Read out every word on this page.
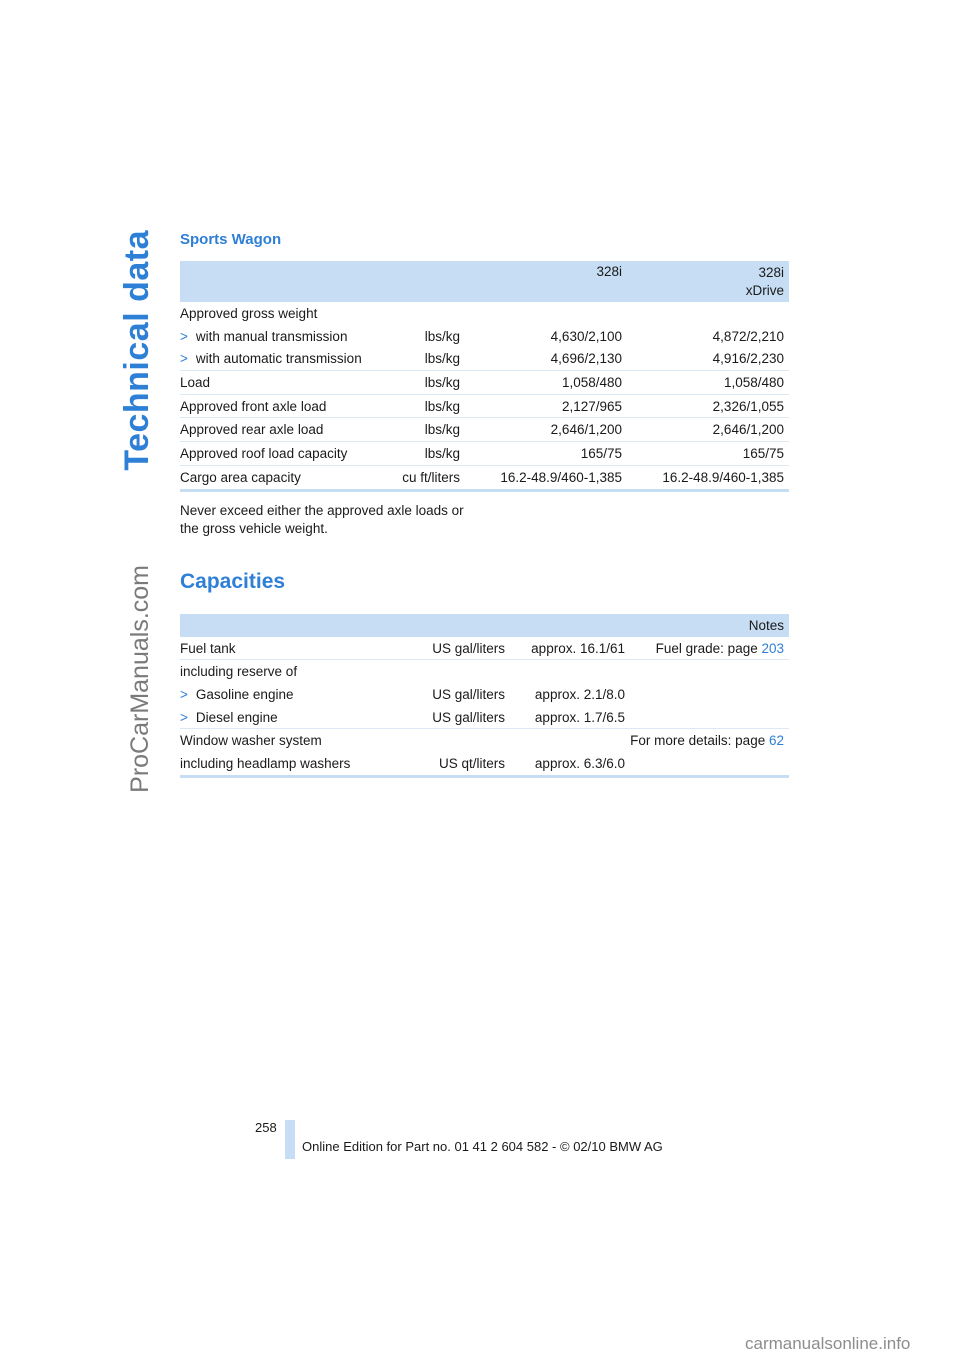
Technical data
ProCarManuals.com
Sports Wagon
		328i	328i
xDrive

Approved gross weight			
> with manual transmission	lbs/kg	4,630/2,100	4,872/2,210
> with automatic transmission	lbs/kg	4,696/2,130	4,916/2,230
Load	lbs/kg	1,058/480	1,058/480
Approved front axle load	lbs/kg	2,127/965	2,326/1,055
Approved rear axle load	lbs/kg	2,646/1,200	2,646/1,200
Approved roof load capacity	lbs/kg	165/75	165/75
Cargo area capacity	cu ft/liters	16.2-48.9/460-1,385	16.2-48.9/460-1,385
Never exceed either the approved axle loads or the gross vehicle weight.
Capacities
			Notes
Fuel tank	US gal/liters	approx. 16.1/61	Fuel grade: page 203
including reserve of			
> Gasoline engine	US gal/liters	approx. 2.1/8.0	
> Diesel engine	US gal/liters	approx. 1.7/6.5	
Window washer system		For more details: page 62	
including headlamp washers	US qt/liters	approx. 6.3/6.0	
258
Online Edition for Part no. 01 41 2 604 582 - © 02/10 BMW AG
carmanualsonline.info
